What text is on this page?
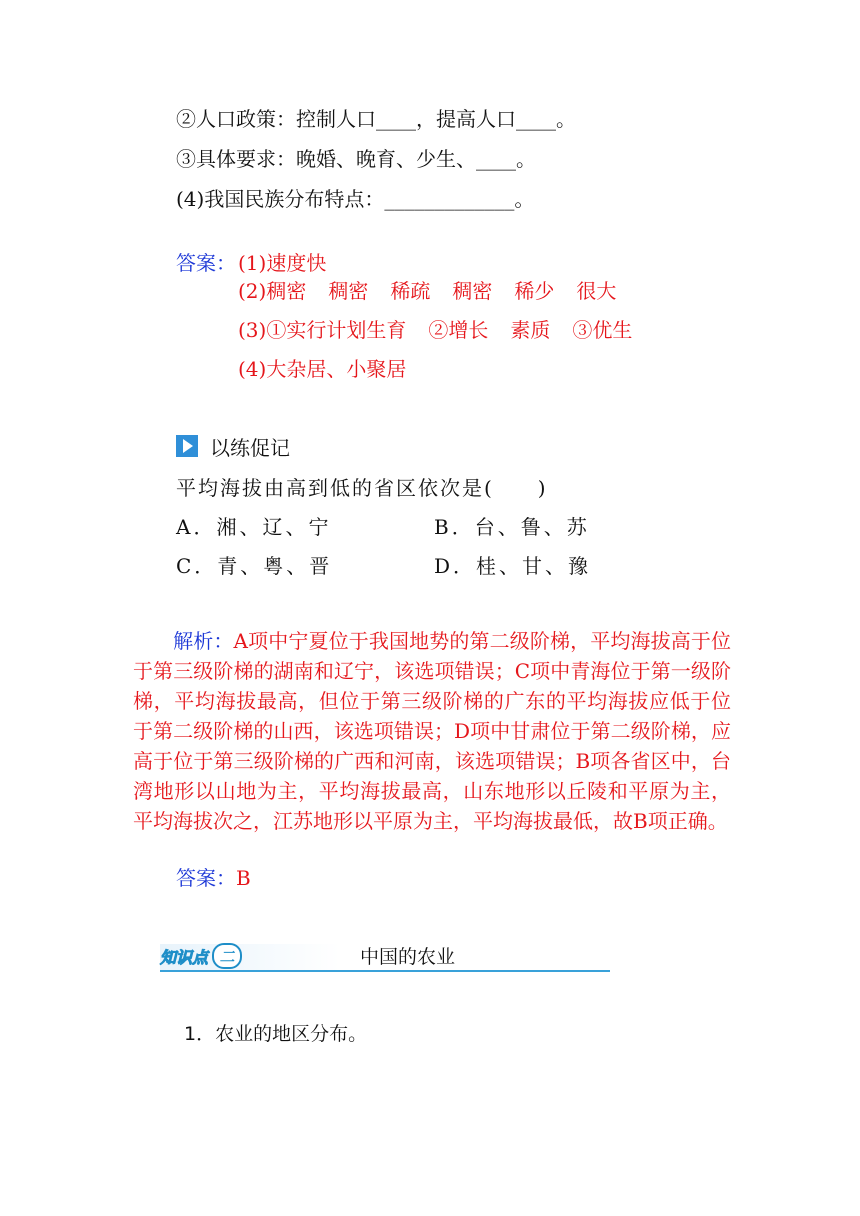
②人口政策：控制人口____，提高人口____。
③具体要求：晚婚、晚育、少生、____。
(4)我国民族分布特点：_____________。
答案： (1)速度快
(2)稠密 稠密 稀疏 稠密 稀少 很大
(3)①实行计划生育 ②增长 素质 ③优生
(4)大杂居、小聚居
以练促记
平均海拔由高到低的省区依次是(　　)
A．湘、辽、宁	B．台、鲁、苏
C．青、粤、晋	D．桂、甘、豫
解析：A项中宁夏位于我国地势的第二级阶梯，平均海拔高于位于第三级阶梯的湖南和辽宁，该选项错误；C项中青海位于第一级阶梯，平均海拔最高，但位于第三级阶梯的广东的平均海拔应低于位于第二级阶梯的山西，该选项错误；D项中甘肃位于第二级阶梯，应高于位于第三级阶梯的广西和河南，该选项错误；B项各省区中，台湾地形以山地为主，平均海拔最高，山东地形以丘陵和平原为主，平均海拔次之，江苏地形以平原为主，平均海拔最低，故B项正确。
答案：B
知识点 二	中国的农业
1．农业的地区分布。
